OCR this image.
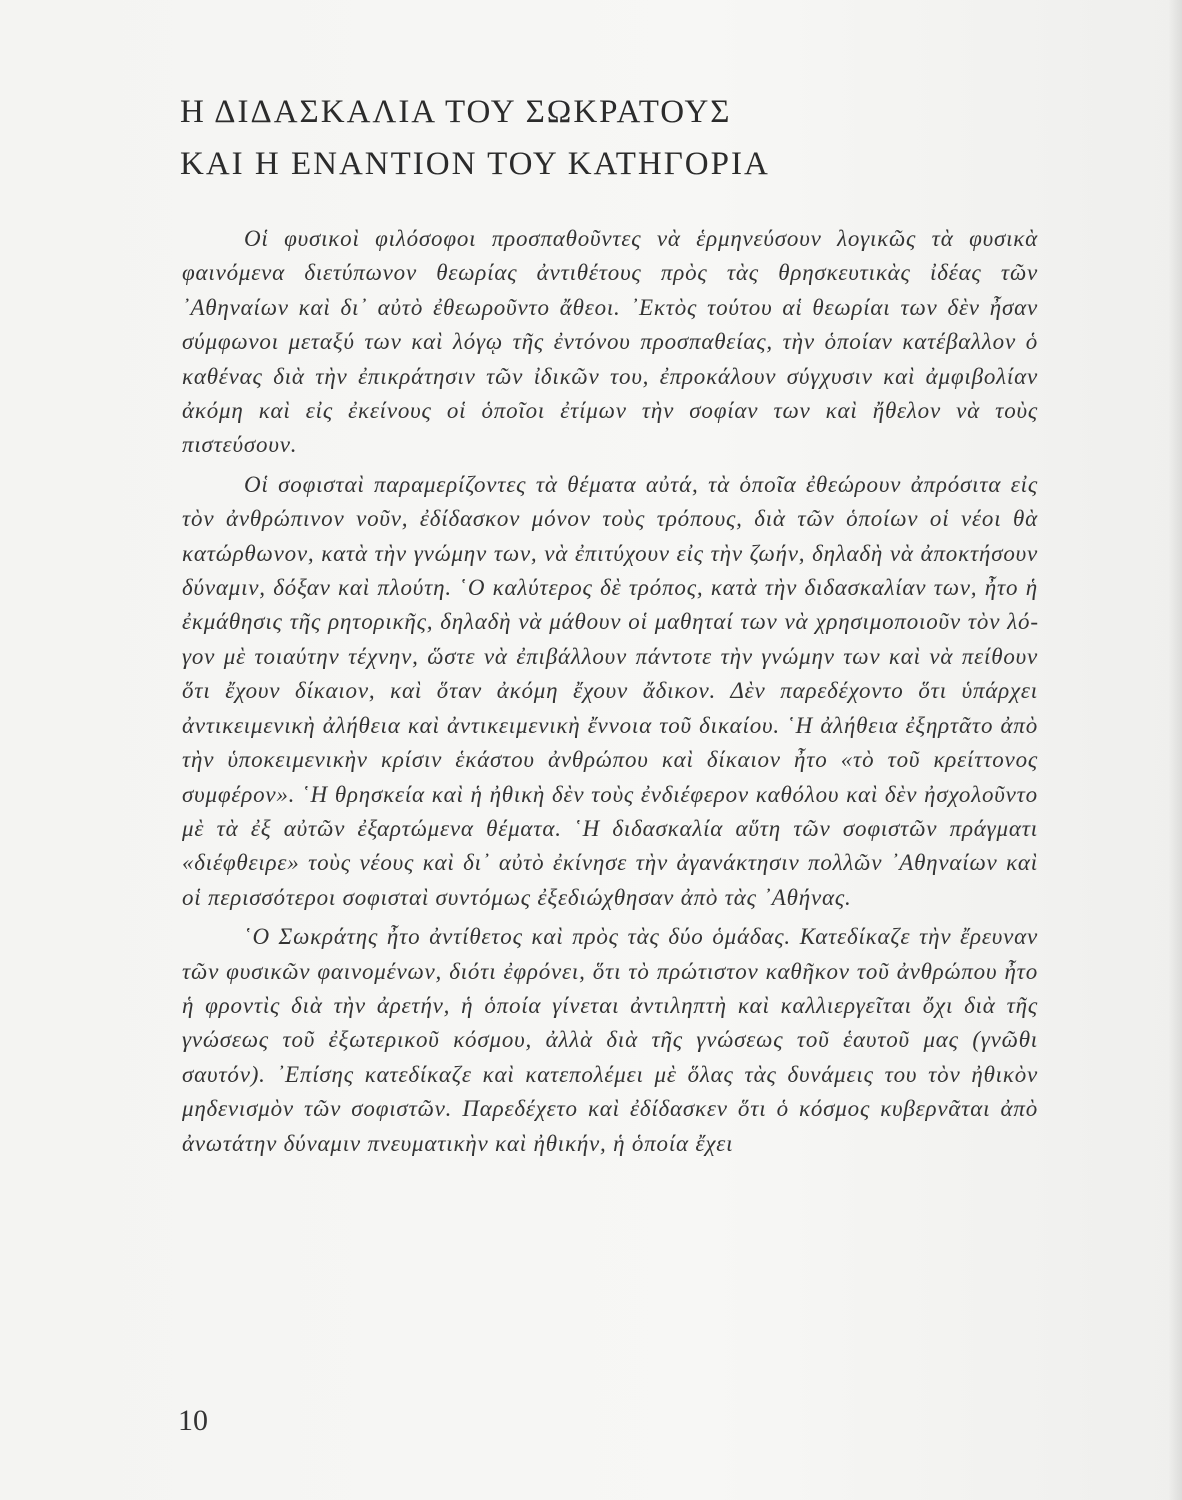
Η ΔΙΔΑΣΚΑΛΙΑ ΤΟΥ ΣΩΚΡΑΤΟΥΣ
ΚΑΙ Η ΕΝΑΝΤΙΟΝ ΤΟΥ ΚΑΤΗΓΟΡΙΑ

Οἱ φυσικοὶ φιλόσοφοι προσπαθοῦντες νὰ ἑρμηνεύσουν λογικῶς τὰ φυσικὰ φαινόμενα διετύπωνον θεωρίας ἀντιθέτους πρὸς τὰς θρησκευτικὰς ἰδέας τῶν ᾿Αθηναίων καὶ δι᾿ αὐτὸ ἐθεωροῦντο ἄθεοι. ᾿Εκτὸς τούτου αἱ θεωρίαι των δὲν ἦσαν σύμφωνοι μεταξύ των καὶ λόγῳ τῆς ἐντόνου προσπαθείας, τὴν ὁποίαν κατέβαλλον ὁ καθένας διὰ τὴν ἐπικράτησιν τῶν ἰδικῶν του, ἐπροκάλουν σύγχυσιν καὶ ἀμφιβολίαν ἀκόμη καὶ εἰς ἐκείνους οἱ ὁποῖοι ἐτίμων τὴν σοφίαν των καὶ ἤθελον νὰ τοὺς πιστεύσουν.

Οἱ σοφισταὶ παραμερίζοντες τὰ θέματα αὐτά, τὰ ὁποῖα ἐθεώρουν ἀπρόσιτα εἰς τὸν ἀνθρώπινον νοῦν, ἐδίδασκον μόνον τοὺς τρόπους, διὰ τῶν ὁποίων οἱ νέοι θὰ κατώρθωνον, κατὰ τὴν γνώμην των, νὰ ἐπιτύχουν εἰς τὴν ζωήν, δηλαδὴ νὰ ἀποκτήσουν δύναμιν, δόξαν καὶ πλούτη. ῾Ο καλύτερος δὲ τρόπος, κατὰ τὴν διδασκαλίαν των, ἦτο ἡ ἐκμάθησις τῆς ρητορικῆς, δηλαδὴ νὰ μάθουν οἱ μαθηταί των νὰ χρησιμοποιοῦν τὸν λόγον μὲ τοιαύτην τέχνην, ὥστε νὰ ἐπιβάλλουν πάντοτε τὴν γνώμην των καὶ νὰ πείθουν ὅτι ἔχουν δίκαιον, καὶ ὅταν ἀκόμη ἔχουν ἄδικον. Δὲν παρεδέχοντο ὅτι ὑπάρχει ἀντικειμενικὴ ἀλήθεια καὶ ἀντικειμενικὴ ἔννοια τοῦ δικαίου. ῾Η ἀλήθεια ἐξηρτᾶτο ἀπὸ τὴν ὑποκειμενικὴν κρίσιν ἑκάστου ἀνθρώπου καὶ δίκαιον ἦτο «τὸ τοῦ κρείττονος συμφέρον». ῾Η θρησκεία καὶ ἡ ἠθικὴ δὲν τοὺς ἐνδιέφερον καθόλου καὶ δὲν ἠσχολοῦντο μὲ τὰ ἐξ αὐτῶν ἐξαρτώμενα θέματα. ῾Η διδασκαλία αὕτη τῶν σοφιστῶν πράγματι «διέφθειρε» τοὺς νέους καὶ δι᾿ αὐτὸ ἐκίνησε τὴν ἀγανάκτησιν πολλῶν ᾿Αθηναίων καὶ οἱ περισσότεροι σοφισταὶ συντόμως ἐξεδιώχθησαν ἀπὸ τὰς ᾿Αθήνας.

῾Ο Σωκράτης ἦτο ἀντίθετος καὶ πρὸς τὰς δύο ὁμάδας. Κατεδίκαζε τὴν ἔρευναν τῶν φυσικῶν φαινομένων, διότι ἐφρόνει, ὅτι τὸ πρώτιστον καθῆκον τοῦ ἀνθρώπου ἦτο ἡ φροντὶς διὰ τὴν ἀρετήν, ἡ ὁποία γίνεται ἀντιληπτὴ καὶ καλλιεργεῖται ὄχι διὰ τῆς γνώσεως τοῦ ἐξωτερικοῦ κόσμου, ἀλλὰ διὰ τῆς γνώσεως τοῦ ἑαυτοῦ μας (γνῶθι σαυτόν). ᾿Επίσης κατεδίκαζε καὶ κατεπολέμει μὲ ὅλας τὰς δυνάμεις του τὸν ἠθικὸν μηδενισμὸν τῶν σοφιστῶν. Παρεδέχετο καὶ ἐδίδασκεν ὅτι ὁ κόσμος κυβερνᾶται ἀπὸ ἀνωτάτην δύναμιν πνευματικὴν καὶ ἠθικήν, ἡ ὁποία ἔχει

10
